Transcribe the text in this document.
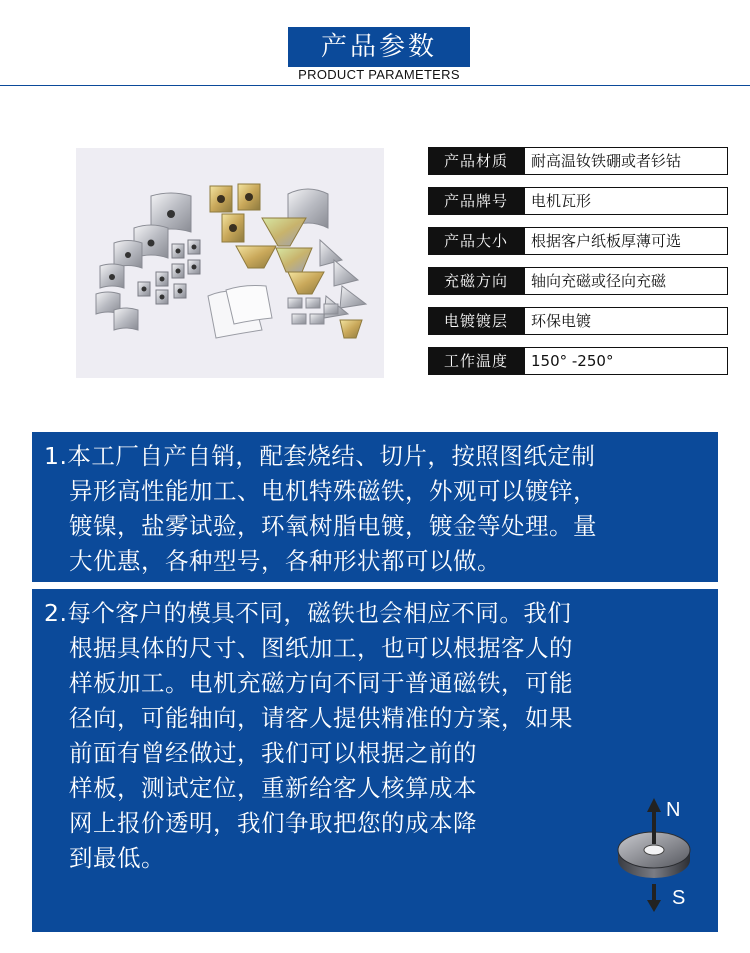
产品参数
PRODUCT PARAMETERS
产品材质	耐高温钕铁硼或者钐钴
产品牌号	电机瓦形
产品大小	根据客户纸板厚薄可选
充磁方向	轴向充磁或径向充磁
电镀镀层	环保电镀
工作温度	150° -250°
1.本工厂自产自销，配套烧结、切片，按照图纸定制
异形高性能加工、电机特殊磁铁，外观可以镀锌，
镀镍，盐雾试验，环氧树脂电镀，镀金等处理。量
大优惠，各种型号，各种形状都可以做。
2.每个客户的模具不同，磁铁也会相应不同。我们
根据具体的尺寸、图纸加工，也可以根据客人的
样板加工。电机充磁方向不同于普通磁铁，可能
径向，可能轴向，请客人提供精准的方案，如果
前面有曾经做过，我们可以根据之前的
样板，测试定位，重新给客人核算成本
网上报价透明，我们争取把您的成本降
到最低。
N
S
